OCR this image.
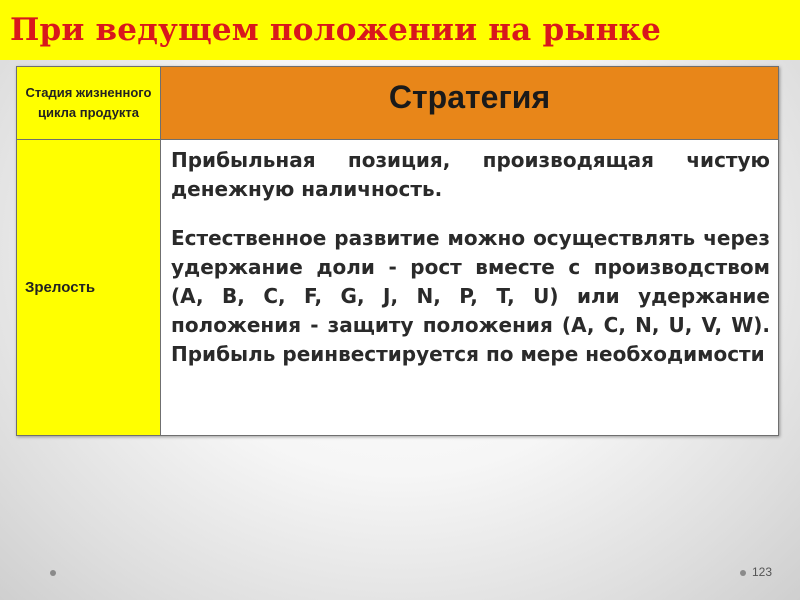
При ведущем положении на рынке
Стадия жизненного цикла продукта	Стратегия

Зрелость	Прибыльная позиция, производящая чистую денежную наличность.

Естественное развитие можно осуществлять через удержание доли - рост вместе с производством (A, B, C, F, G, J, N, P, T, U) или удержание положения - защиту положения (A, C, N, U, V, W). Прибыль реинвестируется по мере необходимости

123
